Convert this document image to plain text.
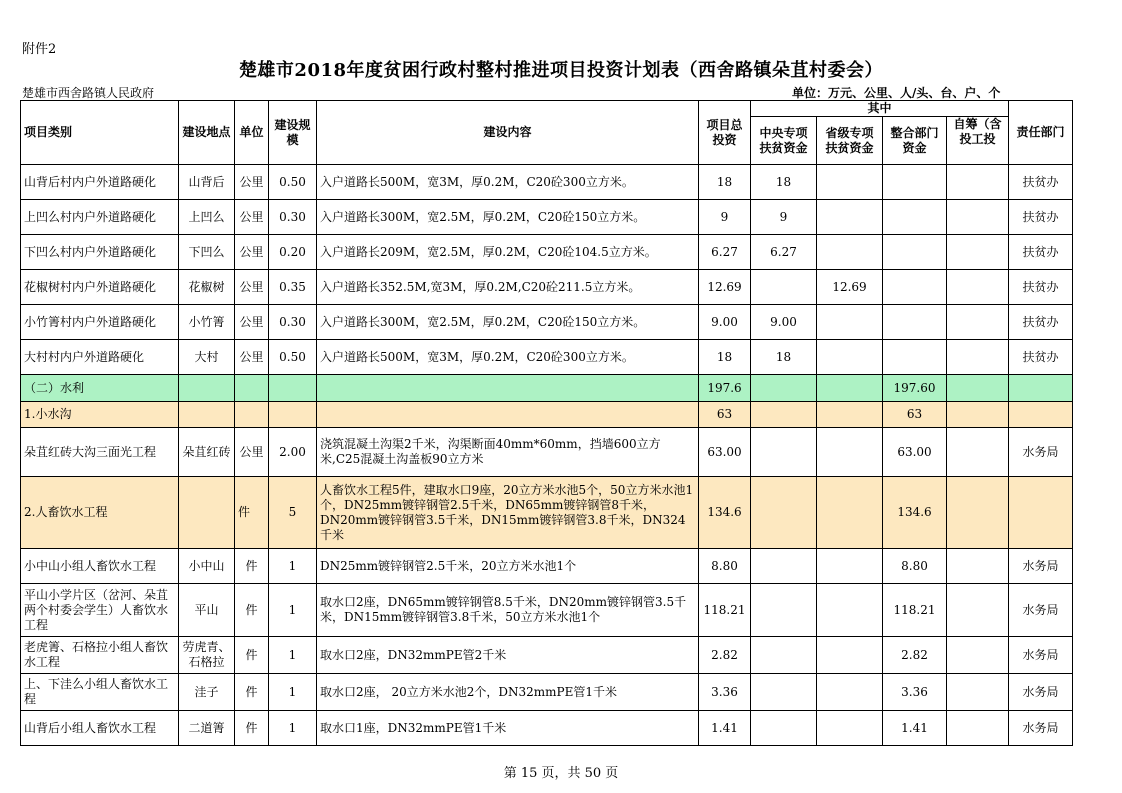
附件2
楚雄市2018年度贫困行政村整村推进项目投资计划表（西舍路镇朵苴村委会）
楚雄市西舍路镇人民政府	单位：万元、公里、人/头、台、户、个
项目类别	建设地点	单位	建设规模	建设内容	项目总投资	其中				责任部门
						中央专项扶贫资金	省级专项扶贫资金	整合部门资金	自筹（含投工投	
山背后村内户外道路硬化	山背后	公里	0.50	入户道路长500M，宽3M，厚0.2M，C20砼300立方米。	18	18				扶贫办
上凹么村内户外道路硬化	上凹么	公里	0.30	入户道路长300M，宽2.5M，厚0.2M，C20砼150立方米。	9	9				扶贫办
下凹么村内户外道路硬化	下凹么	公里	0.20	入户道路长209M，宽2.5M，厚0.2M，C20砼104.5立方米。	6.27	6.27				扶贫办
花椒树村内户外道路硬化	花椒树	公里	0.35	入户道路长352.5M,宽3M，厚0.2M,C20砼211.5立方米。	12.69		12.69			扶贫办
小竹箐村内户外道路硬化	小竹箐	公里	0.30	入户道路长300M，宽2.5M，厚0.2M，C20砼150立方米。	9.00	9.00				扶贫办
大村村内户外道路硬化	大村	公里	0.50	入户道路长500M，宽3M，厚0.2M，C20砼300立方米。	18	18				扶贫办
（二）水利					197.6			197.60		
1.小水沟					63			63		
朵苴红砖大沟三面光工程	朵苴红砖	公里	2.00	浇筑混凝土沟渠2千米，沟渠断面40mm*60mm，挡墙600立方米,C25混凝土沟盖板90立方米	63.00			63.00		水务局
2.人畜饮水工程		件	5	人畜饮水工程5件，建取水口9座，20立方米水池5个，50立方米水池1个，DN25mm镀锌钢管2.5千米，DN65mm镀锌钢管8千米，DN20mm镀锌钢管3.5千米，DN15mm镀锌钢管3.8千米，DN324千米	134.6			134.6		
小中山小组人畜饮水工程	小中山	件	1	DN25mm镀锌钢管2.5千米，20立方米水池1个	8.80			8.80		水务局
平山小学片区（岔河、朵苴两个村委会学生）人畜饮水工程	平山	件	1	取水口2座，DN65mm镀锌钢管8.5千米，DN20mm镀锌钢管3.5千米，DN15mm镀锌钢管3.8千米，50立方米水池1个	118.21			118.21		水务局
老虎箐、石格拉小组人畜饮水工程	劳虎青、石格拉	件	1	取水口2座，DN32mmPE管2千米	2.82			2.82		水务局
上、下洼么小组人畜饮水工程	洼子	件	1	取水口2座， 20立方米水池2个，DN32mmPE管1千米	3.36			3.36		水务局
山背后小组人畜饮水工程	二道箐	件	1	取水口1座，DN32mmPE管1千米	1.41			1.41		水务局
第 15 页，共 50 页
